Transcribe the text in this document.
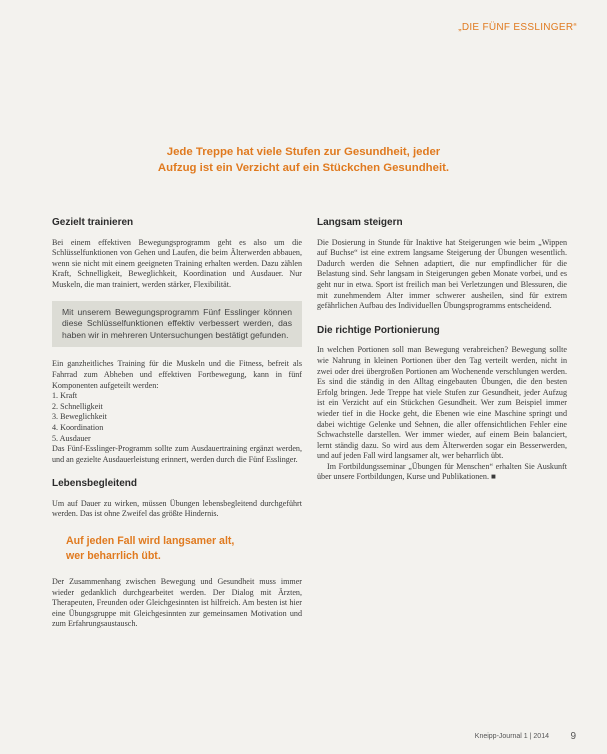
„DIE FÜNF ESSLINGER“
Jede Treppe hat viele Stufen zur Gesundheit, jeder
Aufzug ist ein Verzicht auf ein Stückchen Gesundheit.
Gezielt trainieren

Bei einem effektiven Bewegungsprogramm geht es also um die Schlüsselfunktionen von Gehen und Laufen, die beim Älterwerden abbauen, wenn sie nicht mit einem geeigneten Training erhalten werden. Dazu zählen Kraft, Schnelligkeit, Beweglichkeit, Koordination und Ausdauer. Nur Muskeln, die man trainiert, werden stärker, Flexibilität.

Mit unserem Bewegungsprogramm Fünf Esslinger können diese Schlüsselfunktionen effektiv verbessert werden, das haben wir in mehreren Untersuchungen bestätigt gefunden.

Ein ganzheitliches Training für die Muskeln und die Fitness, befreit als Fahrrad zum Abheben und effektiven Fortbewegung, kann in fünf Komponenten aufgeteilt werden:

1. Kraft
2. Schnelligkeit
3. Beweglichkeit
4. Koordination
5. Ausdauer

Das Fünf-Esslinger-Programm sollte zum Ausdauertraining ergänzt werden, und an gezielte Ausdauerleistung erinnert, werden durch die Fünf Esslinger.

Lebensbegleitend

Um auf Dauer zu wirken, müssen Übungen lebensbegleitend durchgeführt werden. Das ist ohne Zweifel das größte Hindernis.

Auf jeden Fall wird langsamer alt,
wer beharrlich übt.

Der Zusammenhang zwischen Bewegung und Gesundheit muss immer wieder gedanklich durchgearbeitet werden. Der Dialog mit Ärzten, Therapeuten, Freunden oder Gleichgesinnten ist hilfreich. Am besten ist hier eine Übungsgruppe mit Gleichgesinnten zur gemeinsamen Motivation und zum Erfahrungsaustausch.

Langsam steigern

Die Dosierung in Stunde für Inaktive hat Steigerungen wie beim „Wippen auf Buchse“ ist eine extrem langsame Steigerung der Übungen wesentlich. Dadurch werden die Sehnen adaptiert, die nur empfindlicher für die Belastung sind. Sehr langsam in Steigerungen geben Monate vorbei, und es geht nur in etwa. Sport ist freilich man bei Verletzungen und Blessuren, die mit zunehmendem Alter immer schwerer ausheilen, sind für extrem gefährlichen Aufbau des Individuellen Übungsprogramms entscheidend.

Die richtige Portionierung

In welchen Portionen soll man Bewegung verabreichen? Bewegung sollte wie Nahrung in kleinen Portionen über den Tag verteilt werden, nicht in zwei oder drei übergroßen Portionen am Wochenende verschlungen werden. Es sind die ständig in den Alltag eingebauten Übungen, die den besten Erfolg bringen. Jede Treppe hat viele Stufen zur Gesundheit, jeder Aufzug ist ein Verzicht auf ein Stückchen Gesundheit. Wer zum Beispiel immer wieder tief in die Hocke geht, die Ebenen wie eine Maschine springt und dabei wichtige Gelenke und Sehnen, die aller offensichtlichen Fehler eine Schwachstelle darstellen. Wer immer wieder, auf einem Bein balanciert, lernt ständig dazu. So wird aus dem Älterwerden sogar ein Besserwerden, und auf jeden Fall wird langsamer alt, wer beharrlich übt.

Im Fortbildungsseminar „Übungen für Menschen“ erhalten Sie Auskunft über unsere Fortbildungen, Kurse und Publikationen. ■

Kneipp-Journal 1 | 2014 9
